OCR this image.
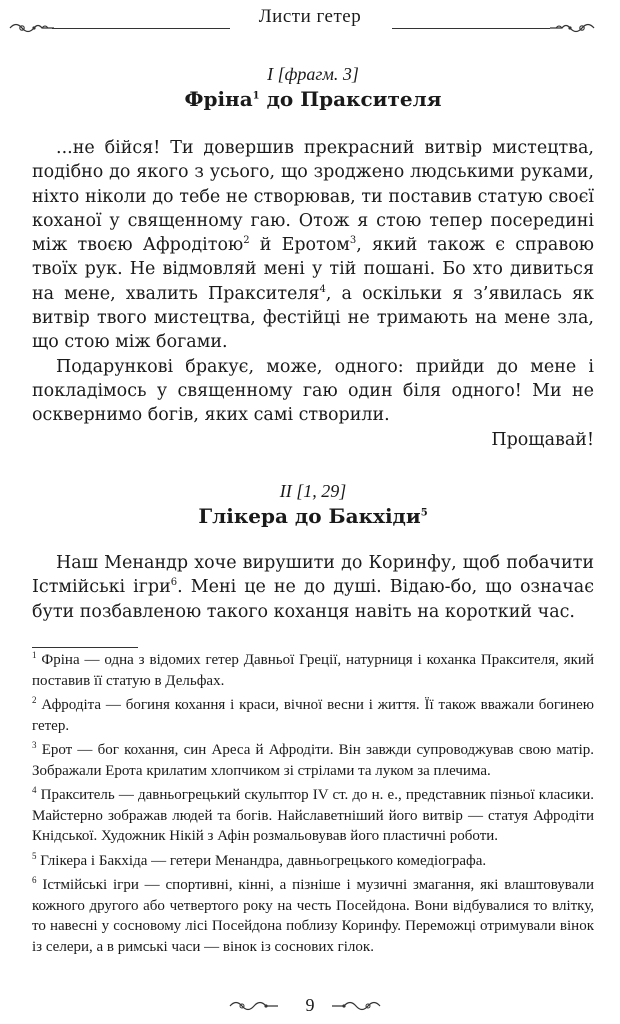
Листи гетер
I [фрагм. 3]
Фріна$^1$ до Праксителя

...не бійся! Ти довершив прекрасний витвір мистецтва, подібно до якого з усього, що зроджено людськими руками, ніхто ніколи до тебе не створював, ти поставив статую своєї коханої у священному гаю. Отож я стою тепер посередині між твоєю Афродітою$^2$ й Еротом$^3$, який також є справою твоїх рук. Не відмовляй мені у тій пошані. Бо хто дивиться на мене, хвалить Праксителя$^4$, а оскільки я з’явилась як витвір твого мистецтва, фестійці не тримають на мене зла, що стою між богами.

Подарункові бракує, може, одного: прийди до мене і покладімось у священному гаю один біля одного! Ми не осквернимо богів, яких самі створили.

Прощавай!
II [1, 29]
Глікера до Бакхіди$^5$

Наш Менандр хоче вирушити до Коринфу, щоб побачити Істмійські ігри$^6$. Мені це не до душі. Відаю-бо, що означає бути позбавленою такого коханця навіть на короткий час.

$^1$ Фріна — одна з відомих гетер Давньої Греції, натурниця і коханка Праксителя, який поставив її статую в Дельфах.

$^2$ Афродіта — богиня кохання і краси, вічної весни і життя. Її також вважали богинею гетер.

$^3$ Ерот — бог кохання, син Ареса й Афродіти. Він завжди супроводжував свою матір. Зображали Ерота крилатим хлопчиком зі стрілами та луком за плечима.

$^4$ Пракситель — давньогрецький скульптор IV ст. до н. е., представник пізньої класики. Майстерно зображав людей та богів. Найславетніший його витвір — статуя Афродіти Кнідської. Художник Нікій з Афін розмальовував його пластичні роботи.

$^5$ Глікера і Бакхіда — гетери Менандра, давньогрецького комедіографа.

$^6$ Істмійські ігри — спортивні, кінні, а пізніше і музичні змагання, які влаштовували кожного другого або четвертого року на честь Посейдона. Вони відбувалися то влітку, то навесні у сосновому лісі Посейдона поблизу Коринфу. Переможці отримували вінок із селери, а в римські часи — вінок із соснових гілок.

9
